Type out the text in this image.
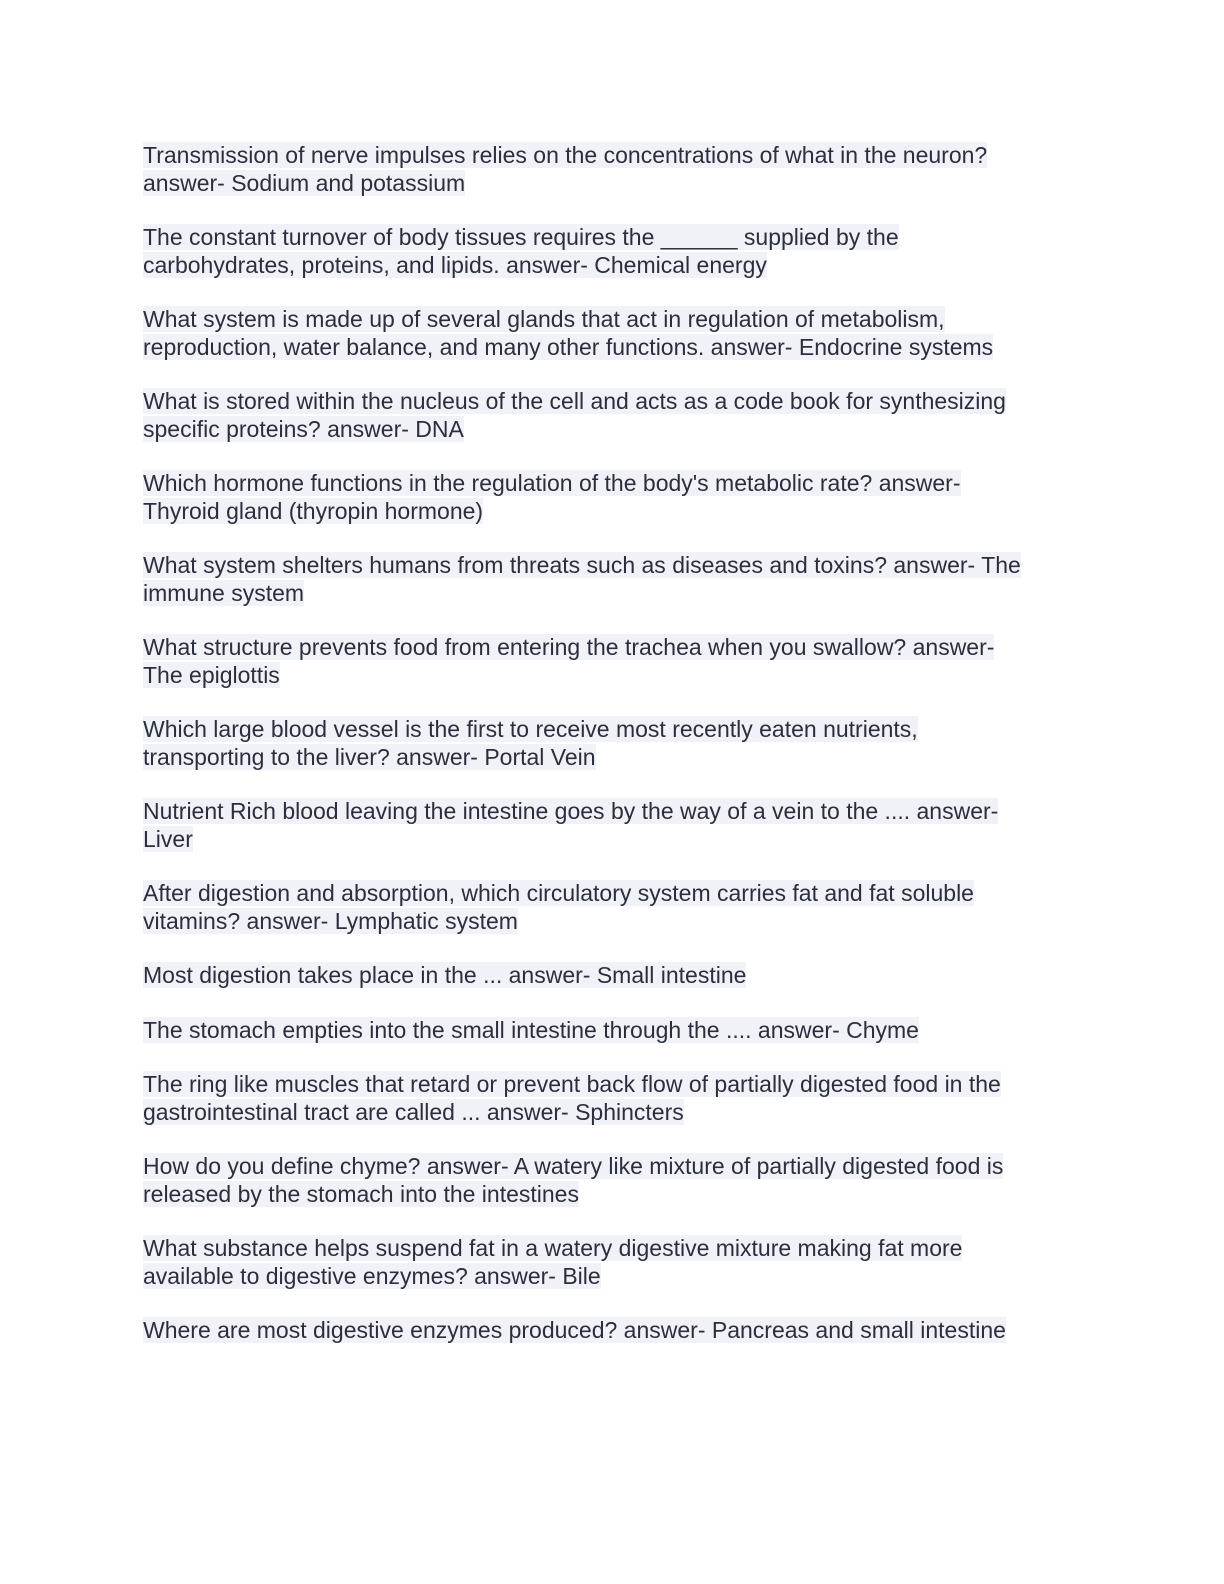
Transmission of nerve impulses relies on the concentrations of what in the neuron?
answer- Sodium and potassium

The constant turnover of body tissues requires the ______ supplied by the
carbohydrates, proteins, and lipids. answer- Chemical energy

What system is made up of several glands that act in regulation of metabolism,
reproduction, water balance, and many other functions. answer- Endocrine systems

What is stored within the nucleus of the cell and acts as a code book for synthesizing
specific proteins? answer- DNA

Which hormone functions in the regulation of the body's metabolic rate? answer-
Thyroid gland (thyropin hormone)

What system shelters humans from threats such as diseases and toxins? answer- The
immune system

What structure prevents food from entering the trachea when you swallow? answer-
The epiglottis

Which large blood vessel is the first to receive most recently eaten nutrients,
transporting to the liver? answer- Portal Vein

Nutrient Rich blood leaving the intestine goes by the way of a vein to the .... answer-
Liver

After digestion and absorption, which circulatory system carries fat and fat soluble
vitamins? answer- Lymphatic system

Most digestion takes place in the ... answer- Small intestine

The stomach empties into the small intestine through the .... answer- Chyme

The ring like muscles that retard or prevent back flow of partially digested food in the
gastrointestinal tract are called ... answer- Sphincters

How do you define chyme? answer- A watery like mixture of partially digested food is
released by the stomach into the intestines

What substance helps suspend fat in a watery digestive mixture making fat more
available to digestive enzymes? answer- Bile

Where are most digestive enzymes produced? answer- Pancreas and small intestine
